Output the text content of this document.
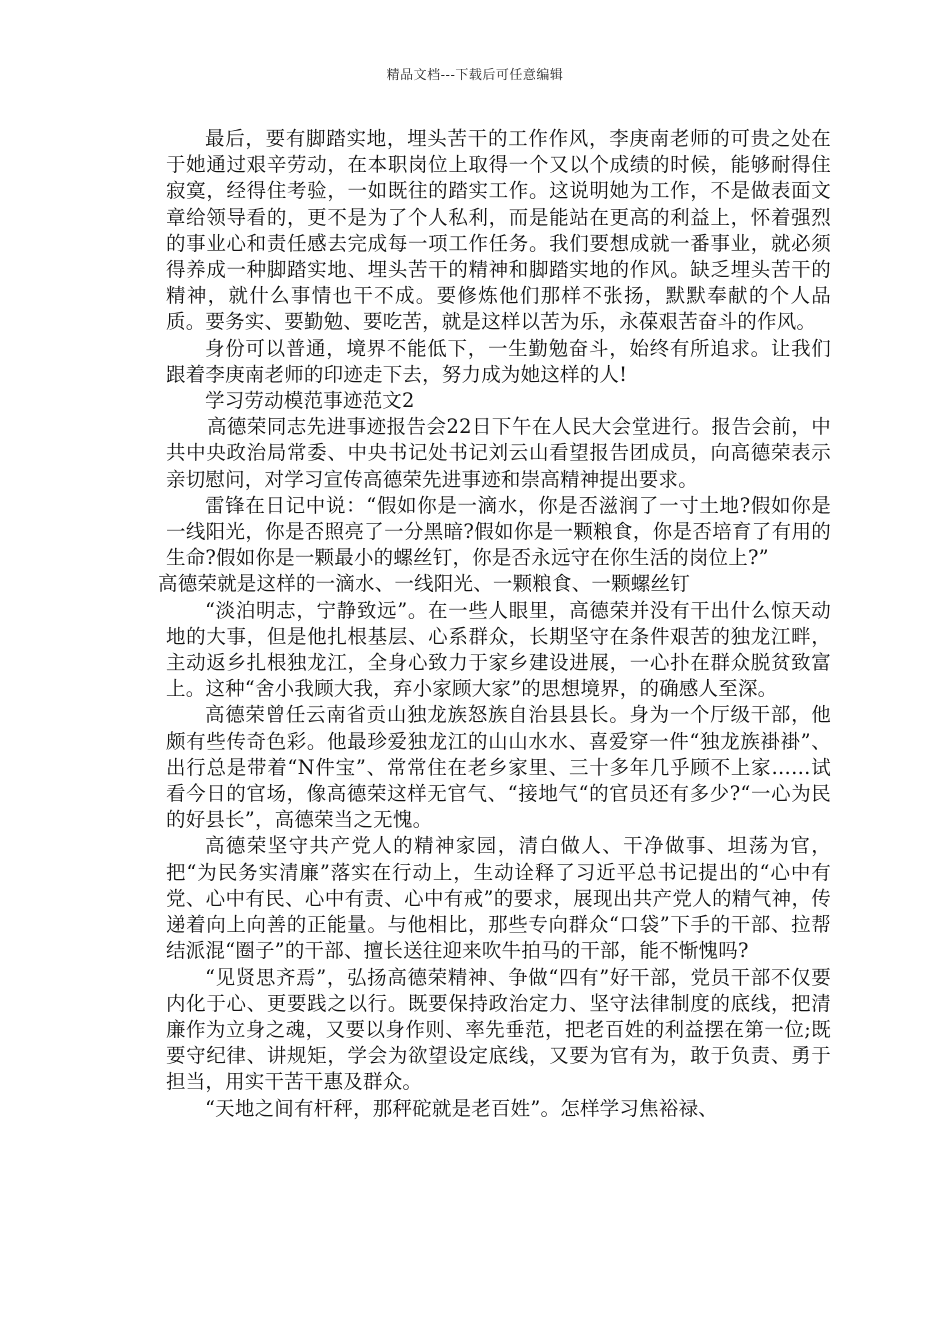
精品文档---下载后可任意编辑

最后，要有脚踏实地，埋头苦干的工作作风，李庚南老师的可贵之处在于她通过艰辛劳动，在本职岗位上取得一个又以个成绩的时候，能够耐得住寂寞，经得住考验，一如既往的踏实工作。这说明她为工作，不是做表面文章给领导看的，更不是为了个人私利，而是能站在更高的利益上，怀着强烈的事业心和责任感去完成每一项工作任务。我们要想成就一番事业，就必须得养成一种脚踏实地、埋头苦干的精神和脚踏实地的作风。缺乏埋头苦干的精神，就什么事情也干不成。要修炼他们那样不张扬，默默奉献的个人品质。要务实、要勤勉、要吃苦，就是这样以苦为乐，永葆艰苦奋斗的作风。

身份可以普通，境界不能低下，一生勤勉奋斗，始终有所追求。让我们跟着李庚南老师的印迹走下去，努力成为她这样的人!

学习劳动模范事迹范文2

高德荣同志先进事迹报告会22日下午在人民大会堂进行。报告会前，中共中央政治局常委、中央书记处书记刘云山看望报告团成员，向高德荣表示亲切慰问，对学习宣传高德荣先进事迹和崇高精神提出要求。

雷锋在日记中说：“假如你是一滴水，你是否滋润了一寸土地?假如你是一线阳光，你是否照亮了一分黑暗?假如你是一颗粮食，你是否培育了有用的生命?假如你是一颗最小的螺丝钉，你是否永远守在你生活的岗位上?”

高德荣就是这样的一滴水、一线阳光、一颗粮食、一颗螺丝钉

“淡泊明志，宁静致远”。在一些人眼里，高德荣并没有干出什么惊天动地的大事，但是他扎根基层、心系群众，长期坚守在条件艰苦的独龙江畔，主动返乡扎根独龙江，全身心致力于家乡建设进展，一心扑在群众脱贫致富上。这种“舍小我顾大我，弃小家顾大家”的思想境界，的确感人至深。

高德荣曾任云南省贡山独龙族怒族自治县县长。身为一个厅级干部，他颇有些传奇色彩。他最珍爱独龙江的山山水水、喜爱穿一件“独龙族褂褂”、出行总是带着“N件宝”、常常住在老乡家里、三十多年几乎顾不上家……试看今日的官场，像高德荣这样无官气、“接地气“的官员还有多少?“一心为民的好县长”，高德荣当之无愧。

高德荣坚守共产党人的精神家园，清白做人、干净做事、坦荡为官，把“为民务实清廉”落实在行动上，生动诠释了习近平总书记提出的“心中有党、心中有民、心中有责、心中有戒”的要求，展现出共产党人的精气神，传递着向上向善的正能量。与他相比，那些专向群众“口袋”下手的干部、拉帮结派混“圈子”的干部、擅长送往迎来吹牛拍马的干部，能不惭愧吗?

“见贤思齐焉”，弘扬高德荣精神、争做“四有”好干部，党员干部不仅要内化于心、更要践之以行。既要保持政治定力、坚守法律制度的底线，把清廉作为立身之魂，又要以身作则、率先垂范，把老百姓的利益摆在第一位;既要守纪律、讲规矩，学会为欲望设定底线，又要为官有为，敢于负责、勇于担当，用实干苦干惠及群众。

“天地之间有杆秤，那秤砣就是老百姓”。怎样学习焦裕禄、
